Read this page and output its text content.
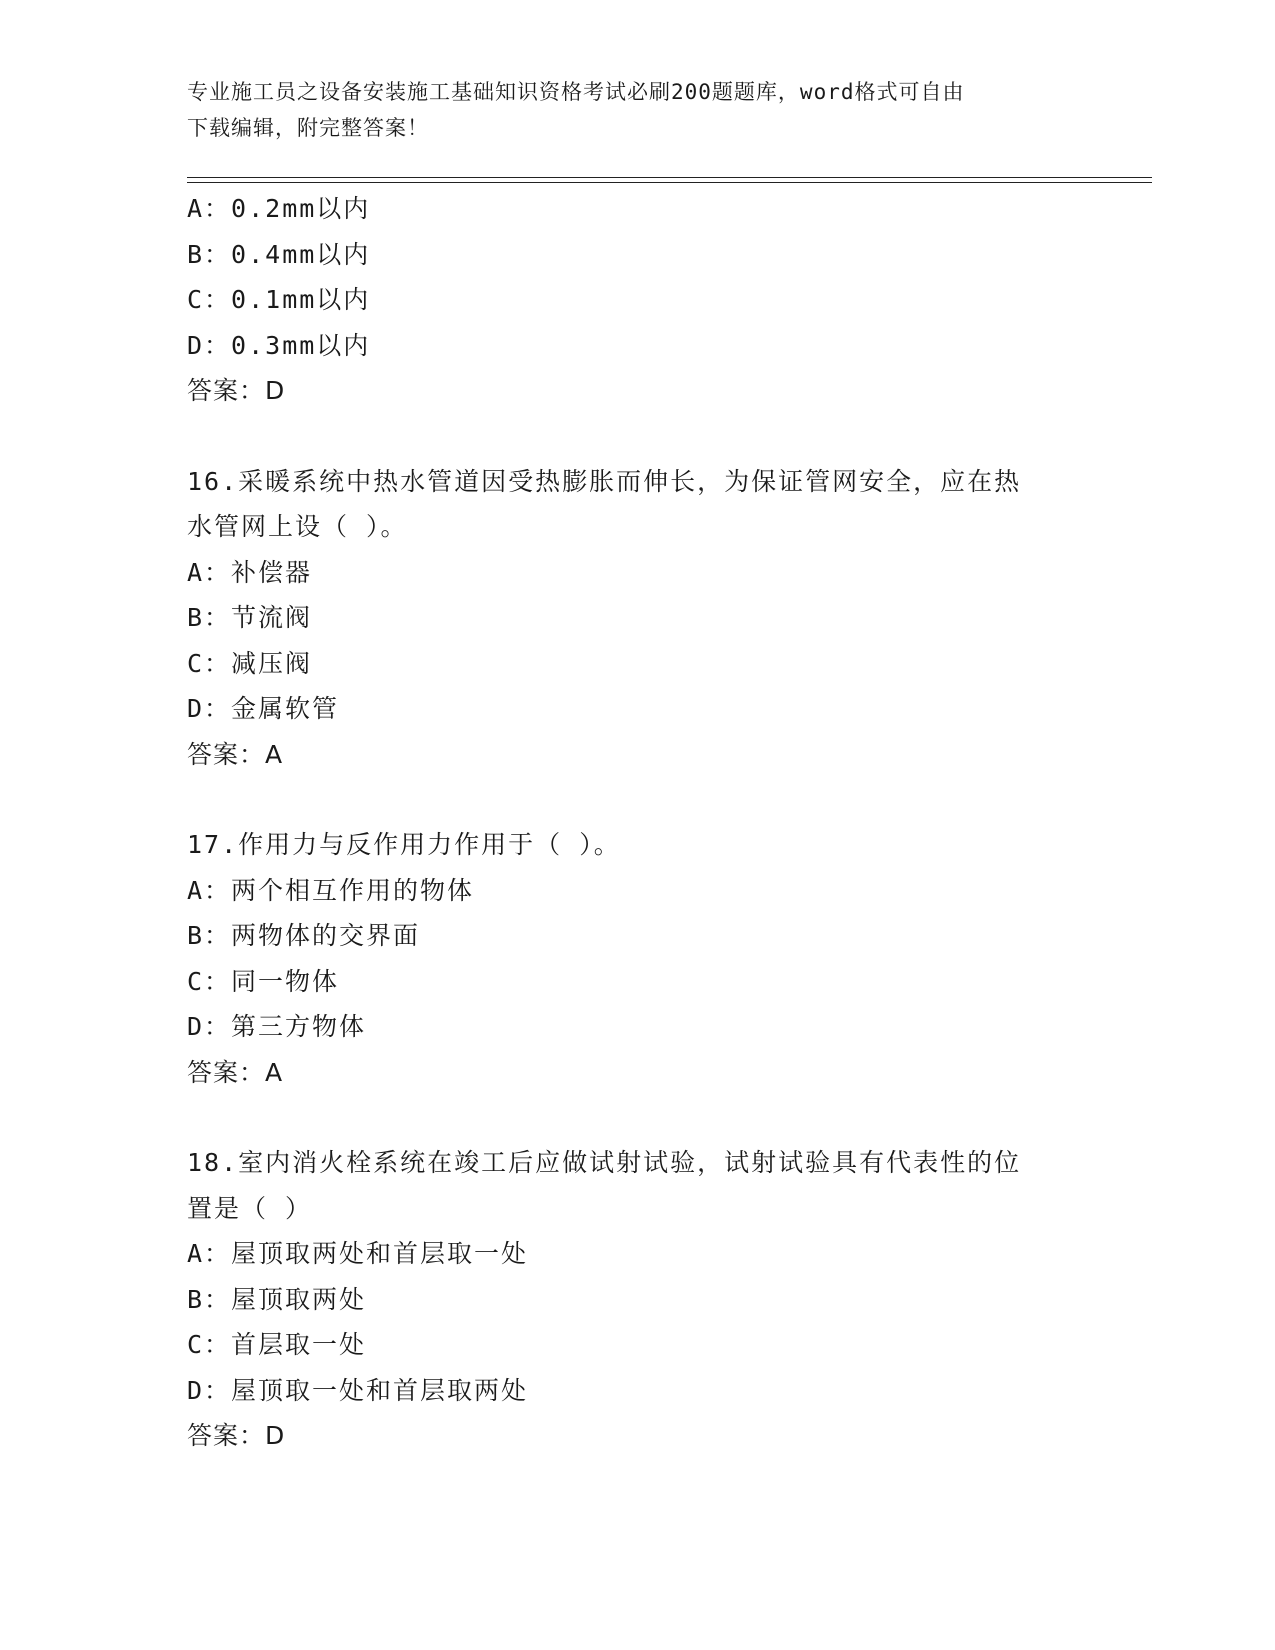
专业施工员之设备安装施工基础知识资格考试必刷200题题库，word格式可自由
下载编辑，附完整答案！
A：0.2mm以内
B：0.4mm以内
C：0.1mm以内
D：0.3mm以内
答案：D
16.采暖系统中热水管道因受热膨胀而伸长，为保证管网安全，应在热
水管网上设（ ）。
A：补偿器
B：节流阀
C：减压阀
D：金属软管
答案：A
17.作用力与反作用力作用于（ ）。
A：两个相互作用的物体
B：两物体的交界面
C：同一物体
D：第三方物体
答案：A
18.室内消火栓系统在竣工后应做试射试验，试射试验具有代表性的位
置是（ ）
A：屋顶取两处和首层取一处
B：屋顶取两处
C：首层取一处
D：屋顶取一处和首层取两处
答案：D
